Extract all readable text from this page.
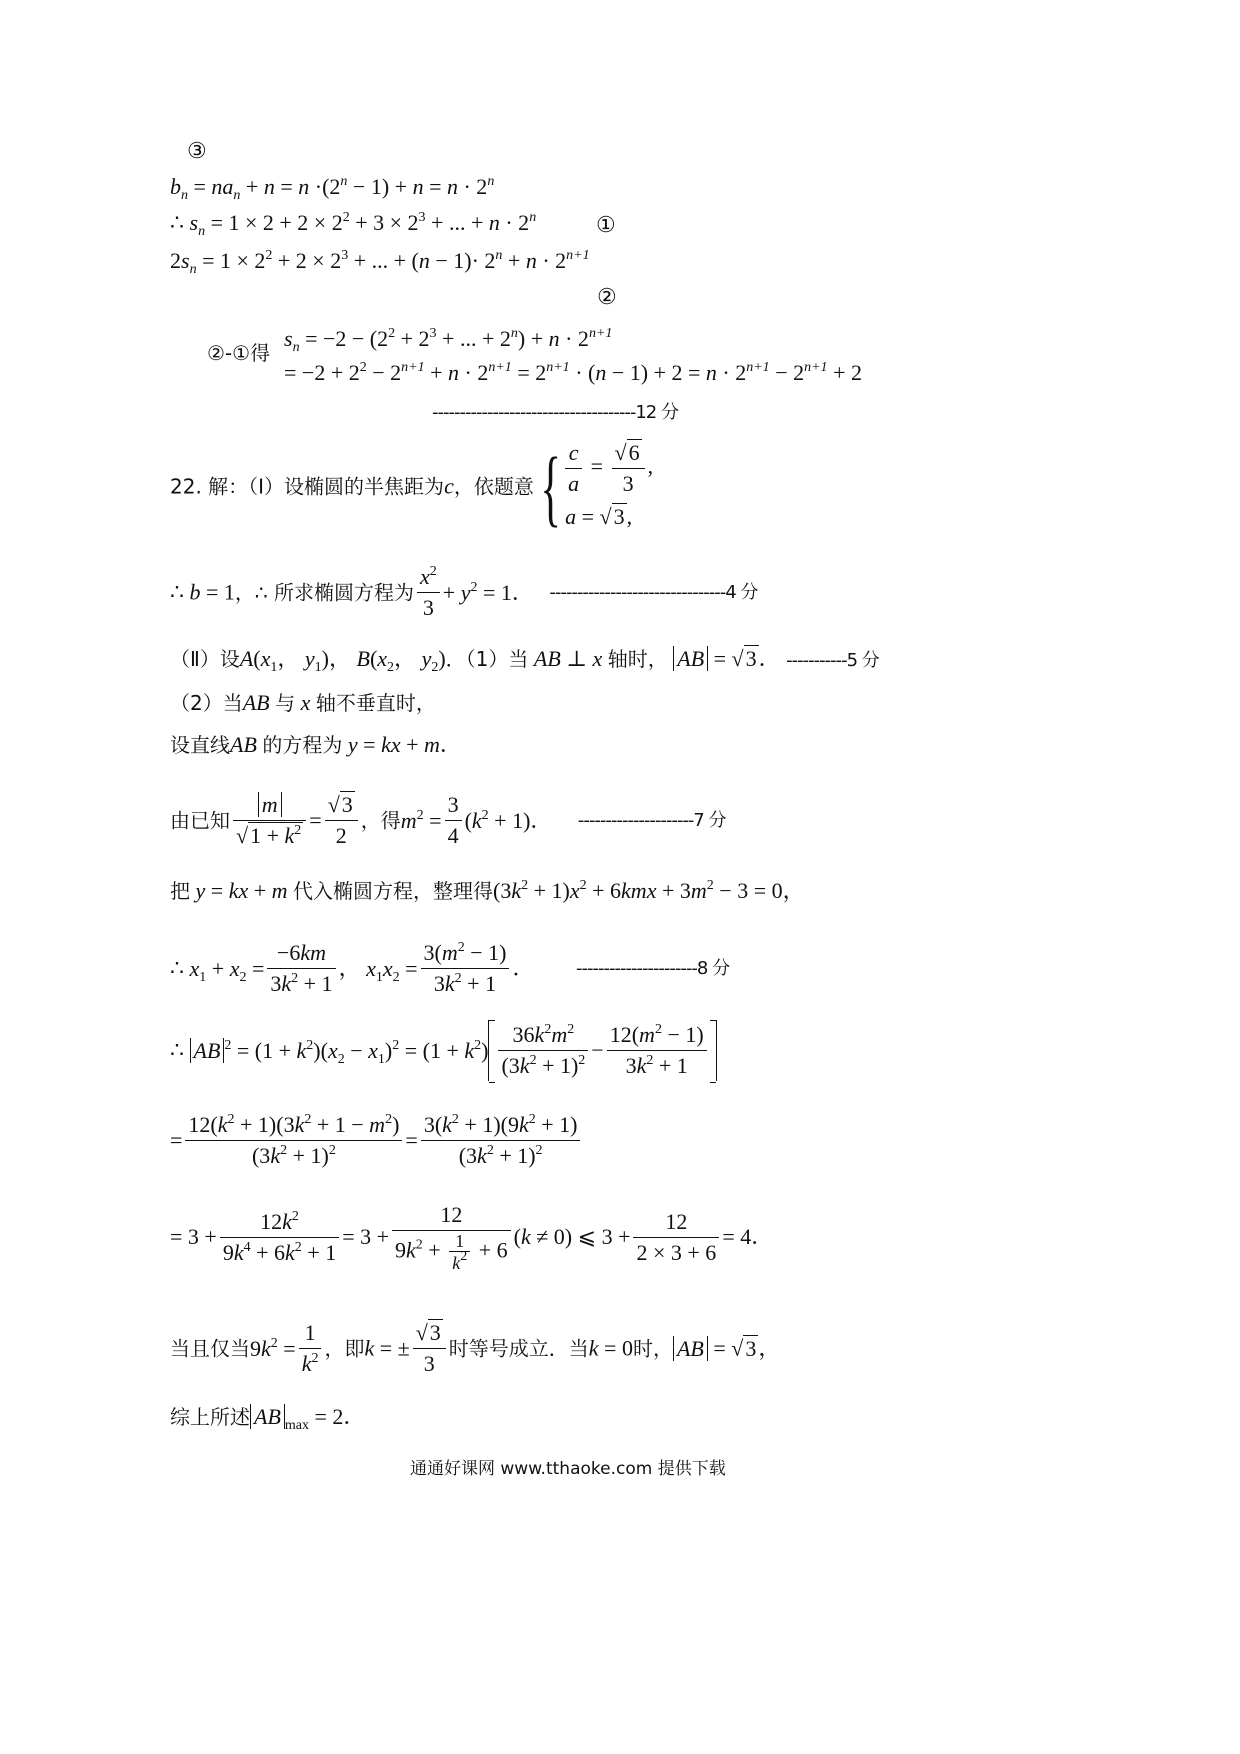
③
$b_n = na_n + n = n \cdot(2^n - 1) + n = n \cdot 2^n$
∴ $s_n = 1 \times 2 + 2 \times 2^2 + 3 \times 2^3$ + ... + $n \cdot 2^n$	①
$2s_n = 1 \times 2^2 + 2 \times 2^3$ + ... + $(n - 1)\cdot 2^n + n \cdot 2^{n+1}$
②
②-①得
$s_n = -2 - (2^2 + 2^3$ + ... + $2^n) + n \cdot 2^{n+1}$
= $-2 + 2^2 - 2^{n+1} + n \cdot 2^{n+1} = 2^{n+1} \cdot (n - 1) + 2 = n \cdot 2^{n+1} - 2^{n+1} + 2$
-------------------------------------12 分
22. 解：（Ⅰ）设椭圆的半焦距为c，依题意{ $\frac{c}{a} = \frac{√6}{3}$ ,
a = √3,
∴ b = 1，∴ 所求椭圆方程为 $\frac{x^2}{3} + y^2 = 1$． --------------------------------4 分
（Ⅱ）设$A(x_1$， $y_1$)， $B(x_2$， $y_2$)．（1）当 AB ⊥ x 轴时， AB = √3． -----------5 分
（2）当AB 与 x 轴不垂直时，
设直线AB 的方程为 y = kx + m．
由已知 $\frac{m}{√1 + k^2} = \frac{√3}{2}$ ，得$m^2 = \frac{3}{4} (k^2 + 1)$． ---------------------7 分
把 y = kx + m 代入椭圆方程，整理得$(3k^2 + 1)x^2 + 6kmx + 3m^2 - 3 = 0$，
∴ $x_1 + x_2 = \frac{-6km}{3k^2 + 1}$ ， $x_1x_2 = \frac{3(m^2 - 1)}{3k^2 + 1}$ ． ----------------------8 分
∴ AB $^2 = (1 + k^2)(x_2 - x_1)^2 = (1 + k^2) \frac{36k^2m^2}{(3k^2 + 1)^2} - \frac{12(m^2 - 1)}{3k^2 + 1}$
= $\frac{12(k^2 + 1)(3k^2 + 1 - m^2)}{(3k^2 + 1)^2} = \frac{3(k^2 + 1)(9k^2 + 1)}{(3k^2 + 1)^2}$
= $3 + \frac{12k^2}{9k^4 + 6k^2 + 1} = 3 + \frac{12}{9k^2 + \frac{1}{k^2} + 6} (k \ne 0)$ ⩽ $3 + \frac{12}{2 \times 3 + 6} = 4$．
当且仅当$9k^2 = \frac{1}{k^2}$ ，即k = ± $\frac{√3}{3}$ 时等号成立．当k = 0时， AB = √3，
综上所述 AB $_{max}$ = 2．
通通好课网 www.tthaoke.com 提供下载
